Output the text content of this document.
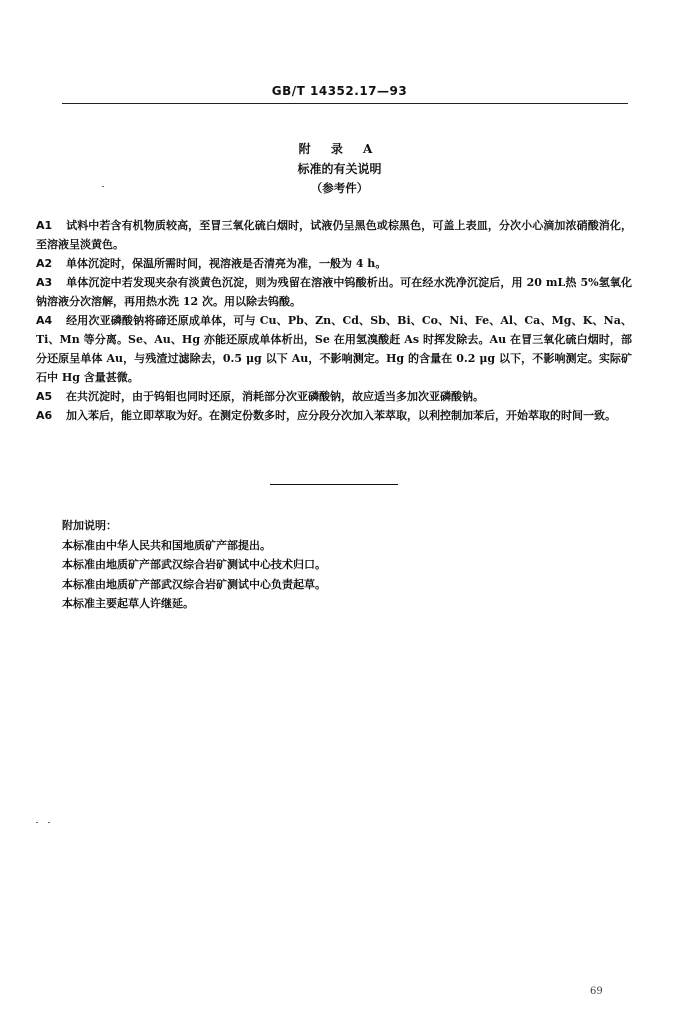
GB/T 14352.17—93
附 录 A
标准的有关说明
（参考件）

A1 试料中若含有机物质较高，至冒三氧化硫白烟时，试液仍呈黑色或棕黑色，可盖上表皿，分次小心滴加浓硝酸消化，至溶液呈淡黄色。

A2 单体沉淀时，保温所需时间，视溶液是否清亮为准，一般为 4 h。

A3 单体沉淀中若发现夹杂有淡黄色沉淀，则为残留在溶液中钨酸析出。可在经水洗净沉淀后，用 20 mL热 5%氢氧化钠溶液分次溶解，再用热水洗 12 次。用以除去钨酸。

A4 经用次亚磷酸钠将碲还原成单体，可与 Cu、Pb、Zn、Cd、Sb、Bi、Co、Ni、Fe、Al、Ca、Mg、K、Na、Ti、Mn 等分离。Se、Au、Hg 亦能还原成单体析出，Se 在用氢溴酸赶 As 时挥发除去。Au 在冒三氧化硫白烟时，部分还原呈单体 Au，与残渣过滤除去，0.5 μg 以下 Au，不影响测定。Hg 的含量在 0.2 μg 以下，不影响测定。实际矿石中 Hg 含量甚微。

A5 在共沉淀时，由于钨钼也同时还原，消耗部分次亚磷酸钠，故应适当多加次亚磷酸钠。

A6 加入苯后，能立即萃取为好。在测定份数多时，应分段分次加入苯萃取，以利控制加苯后，开始萃取的时间一致。

附加说明：

本标准由中华人民共和国地质矿产部提出。

本标准由地质矿产部武汉综合岩矿测试中心技术归口。

本标准由地质矿产部武汉综合岩矿测试中心负责起草。

本标准主要起草人许继延。

69
